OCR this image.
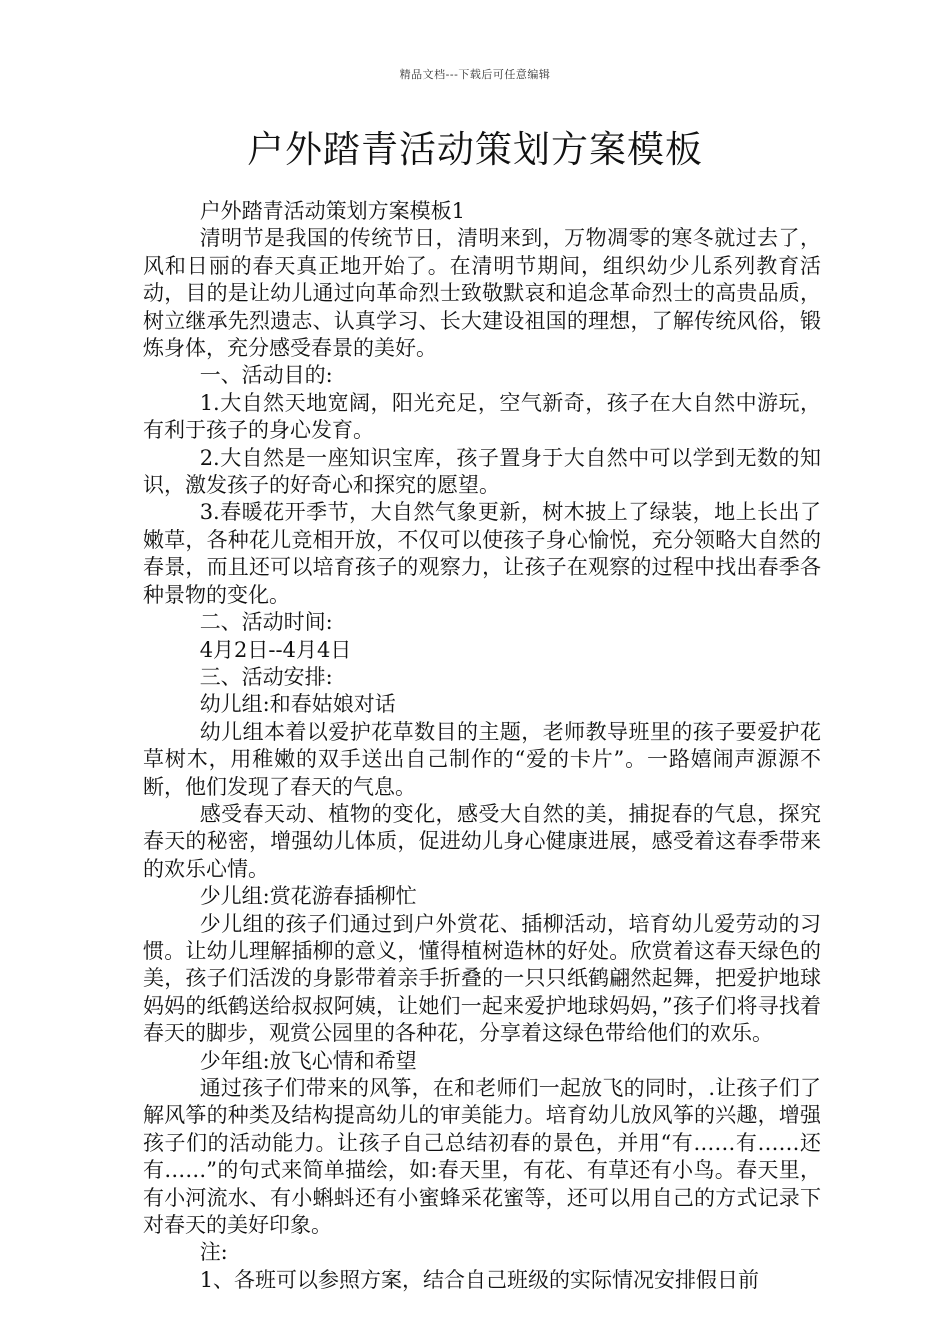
精品文档---下载后可任意编辑
户外踏青活动策划方案模板

户外踏青活动策划方案模板1

清明节是我国的传统节日，清明来到，万物凋零的寒冬就过去了，风和日丽的春天真正地开始了。在清明节期间，组织幼少儿系列教育活动，目的是让幼儿通过向革命烈士致敬默哀和追念革命烈士的高贵品质，树立继承先烈遗志、认真学习、长大建设祖国的理想，了解传统风俗，锻炼身体，充分感受春景的美好。

一、活动目的:

1.大自然天地宽阔，阳光充足，空气新奇，孩子在大自然中游玩，有利于孩子的身心发育。

2.大自然是一座知识宝库，孩子置身于大自然中可以学到无数的知识，激发孩子的好奇心和探究的愿望。

3.春暖花开季节，大自然气象更新，树木披上了绿装，地上长出了嫩草，各种花儿竞相开放，不仅可以使孩子身心愉悦，充分领略大自然的春景，而且还可以培育孩子的观察力，让孩子在观察的过程中找出春季各种景物的变化。

二、活动时间:

4月2日--4月4日

三、活动安排:

幼儿组:和春姑娘对话

幼儿组本着以爱护花草数目的主题，老师教导班里的孩子要爱护花草树木，用稚嫩的双手送出自己制作的“爱的卡片”。一路嬉闹声源源不断，他们发现了春天的气息。

感受春天动、植物的变化，感受大自然的美，捕捉春的气息，探究春天的秘密，增强幼儿体质，促进幼儿身心健康进展，感受着这春季带来的欢乐心情。

少儿组:赏花游春插柳忙

少儿组的孩子们通过到户外赏花、插柳活动，培育幼儿爱劳动的习惯。让幼儿理解插柳的意义，懂得植树造林的好处。欣赏着这春天绿色的美，孩子们活泼的身影带着亲手折叠的一只只纸鹤翩然起舞，把爱护地球妈妈的纸鹤送给叔叔阿姨，让她们一起来爱护地球妈妈，”孩子们将寻找着春天的脚步，观赏公园里的各种花，分享着这绿色带给他们的欢乐。

少年组:放飞心情和希望

通过孩子们带来的风筝，在和老师们一起放飞的同时，.让孩子们了解风筝的种类及结构提高幼儿的审美能力。培育幼儿放风筝的兴趣，增强孩子们的活动能力。让孩子自己总结初春的景色，并用“有……有……还有……”的句式来简单描绘，如:春天里，有花、有草还有小鸟。春天里，有小河流水、有小蝌蚪还有小蜜蜂采花蜜等，还可以用自己的方式记录下对春天的美好印象。

注:

1、各班可以参照方案，结合自己班级的实际情况安排假日前
